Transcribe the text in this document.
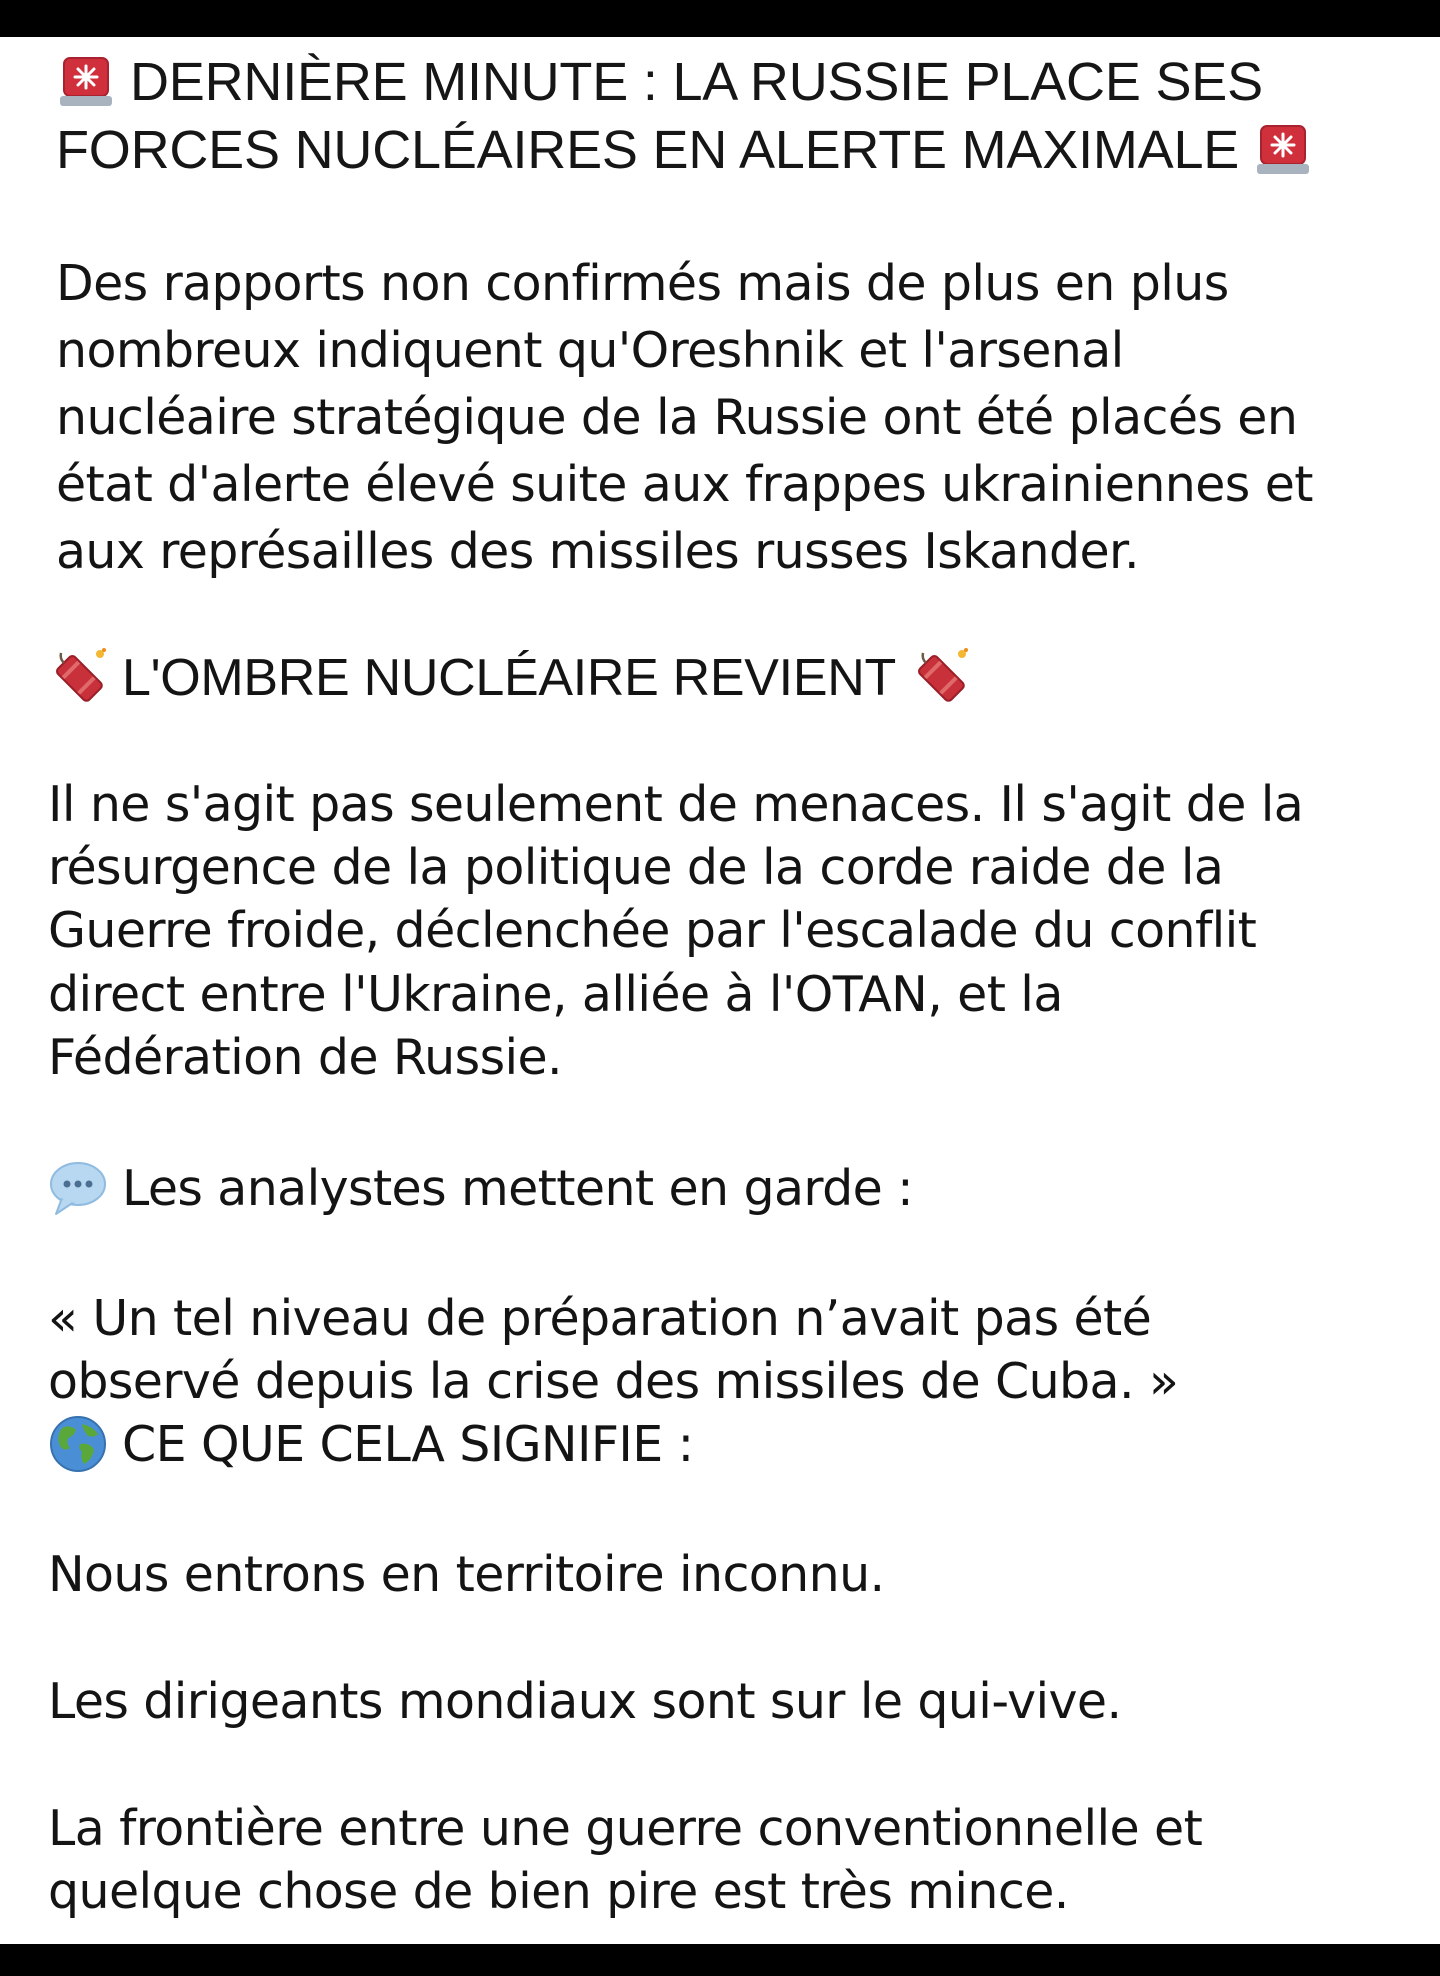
DERNIÈRE MINUTE : LA RUSSIE PLACE SES
FORCES NUCLÉAIRES EN ALERTE MAXIMALE
Des rapports non confirmés mais de plus en plus
nombreux indiquent qu'Oreshnik et l'arsenal
nucléaire stratégique de la Russie ont été placés en
état d'alerte élevé suite aux frappes ukrainiennes et
aux représailles des missiles russes Iskander.
L'OMBRE NUCLÉAIRE REVIENT
Il ne s'agit pas seulement de menaces. Il s'agit de la
résurgence de la politique de la corde raide de la
Guerre froide, déclenchée par l'escalade du conflit
direct entre l'Ukraine, alliée à l'OTAN, et la
Fédération de Russie.
Les analystes mettent en garde :
« Un tel niveau de préparation n’avait pas été
observé depuis la crise des missiles de Cuba. »
CE QUE CELA SIGNIFIE :
Nous entrons en territoire inconnu.
Les dirigeants mondiaux sont sur le qui-vive.
La frontière entre une guerre conventionnelle et
quelque chose de bien pire est très mince.
